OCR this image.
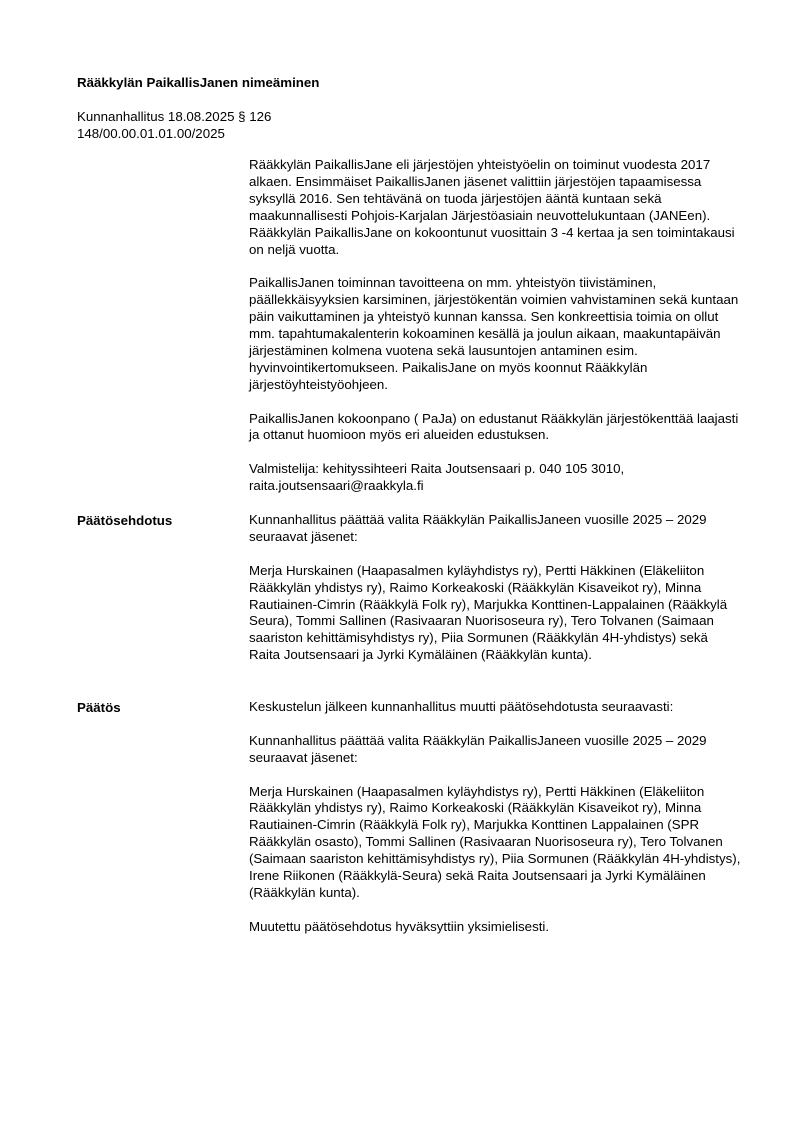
Rääkkylän PaikallisJanen nimeäminen
Kunnanhallitus 18.08.2025 § 126
148/00.00.01.01.00/2025

Rääkkylän PaikallisJane eli järjestöjen yhteistyöelin on toiminut vuodesta 2017 alkaen. Ensimmäiset PaikallisJanen jäsenet valittiin järjestöjen tapaamisessa syksyllä 2016. Sen tehtävänä on tuoda järjestöjen ääntä kuntaan sekä maakunnallisesti Pohjois-Karjalan Järjestöasiain neuvottelukuntaan (JANEen). Rääkkylän PaikallisJane on kokoontunut vuosittain 3 -4 kertaa ja sen toimintakausi on neljä vuotta.

PaikallisJanen toiminnan tavoitteena on mm. yhteistyön tiivistäminen, päällekkäisyyksien karsiminen, järjestökentän voimien vahvistaminen sekä kuntaan päin vaikuttaminen ja yhteistyö kunnan kanssa. Sen konkreettisia toimia on ollut mm. tapahtumakalenterin kokoaminen kesällä ja joulun aikaan, maakuntapäivän järjestäminen kolmena vuotena sekä lausuntojen antaminen esim. hyvinvointikertomukseen. PaikalisJane on myös koonnut Rääkkylän järjestöyhteistyöohjeen.

PaikallisJanen kokoonpano ( PaJa) on edustanut Rääkkylän järjestökenttää laajasti ja ottanut huomioon myös eri alueiden edustuksen.

Valmistelija: kehityssihteeri Raita Joutsensaari p. 040 105 3010,
raita.joutsensaari@raakkyla.fi

Päätösehdotus	Kunnanhallitus päättää valita Rääkkylän PaikallisJaneen vuosille 2025 – 2029 seuraavat jäsenet:

Merja Hurskainen (Haapasalmen kyläyhdistys ry), Pertti Häkkinen (Eläkeliiton Rääkkylän yhdistys ry), Raimo Korkeakoski (Rääkkylän Kisaveikot ry), Minna Rautiainen-Cimrin (Rääkkylä Folk ry), Marjukka Konttinen-Lappalainen (Rääkkylä Seura), Tommi Sallinen (Rasivaaran Nuorisoseura ry), Tero Tolvanen (Saimaan saariston kehittämisyhdistys ry), Piia Sormunen (Rääkkylän 4H-yhdistys) sekä Raita Joutsensaari ja Jyrki Kymäläinen (Rääkkylän kunta).

Päätös	Keskustelun jälkeen kunnanhallitus muutti päätösehdotusta seuraavasti:

Kunnanhallitus päättää valita Rääkkylän PaikallisJaneen vuosille 2025 – 2029 seuraavat jäsenet:

Merja Hurskainen (Haapasalmen kyläyhdistys ry), Pertti Häkkinen (Eläkeliiton Rääkkylän yhdistys ry), Raimo Korkeakoski (Rääkkylän Kisaveikot ry), Minna Rautiainen-Cimrin (Rääkkylä Folk ry), Marjukka Konttinen Lappalainen (SPR Rääkkylän osasto), Tommi Sallinen (Rasivaaran Nuorisoseura ry), Tero Tolvanen (Saimaan saariston kehittämisyhdistys ry), Piia Sormunen (Rääkkylän 4H-yhdistys), Irene Riikonen (Rääkkylä-Seura) sekä Raita Joutsensaari ja Jyrki Kymäläinen (Rääkkylän kunta).

Muutettu päätösehdotus hyväksyttiin yksimielisesti.
